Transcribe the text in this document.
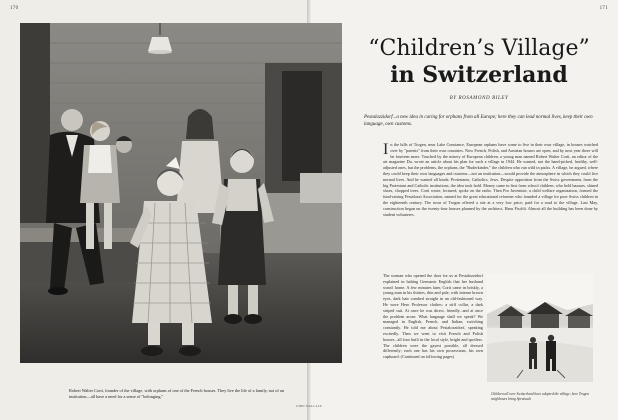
170	171
JOHN WALLACE
Robert Walter Corti, founder of the village, with orphans of one of the French houses. They live the life of a family, not of an institution—all have a need for a sense of "belonging."
“Children’s Village”
in Switzerland
BY ROSAMOND RILEY
Pestalozzidorf...a new idea in caring for orphans from all Europe; here they can lead normal lives, keep their own language, own customs.
In the hills of Trogen, near Lake Constance, European orphans have come to live in their own village, in houses watched over by "parents" from their own countries. Now French, Polish, and Austrian houses are open, and by next year there will be fourteen more. Touched by the misery of European children, a young man named Robert Walter Corti, an editor of the art magazine Du, wrote an article about his plan for such a village in 1944. He wanted, not the hand-picked, healthy, well-adjusted ones, but the problems, the orphans, the "Ruderkinder," the children who run wild in packs. A village, he argued, where they could keep their own languages and customs—not an institution—would provide the atmosphere in which they could live normal lives. And he wanted all kinds: Protestants, Catholics, Jews. Despite opposition from the Swiss government, from the big Protestant and Catholic institutions, the idea took hold. Money came in first from school children, who held bazaars, shined shoes, chopped trees. Corti wrote, lectured, spoke on the radio. Then Pro Juventute, a child welfare organization, formed the fund-raising Pestalozzi Association, named for the great educational reformer who founded a village for poor Swiss children in the eighteenth century. The town of Trogen offered a site at a very low price; paid for a road to the village. Last May, construction began on the twenty-four houses planned by the architect, Hans Fischli. Almost all the building has been done by student volunteers.
The woman who opened the door for us at Pestalozzidorf explained in halting Germanic English that her husband wasn't home. A few minutes later, Corti came in briskly, a young man in his thirties, thin and pale, with intense brown eyes, dark hair combed straight in an old-fashioned way. He wore Hero Professor clothes: a stiff collar, a dark striped suit. At once he was direct, friendly...and at once the problem arose: What language shall we speak? We managed in English, French, and Italian, switching constantly. He told me about Pestalozzidorf, speaking excitedly. Then we went to visit French and Polish houses...all four built in the local style, bright and spotless. The children were the gayest possible, all dressed differently; each one has his own possessions, his own cupboard. (Continued on following pages)
Children all over Switzerland have adopted the village; here Trogen neighbours bring Spratsuck
